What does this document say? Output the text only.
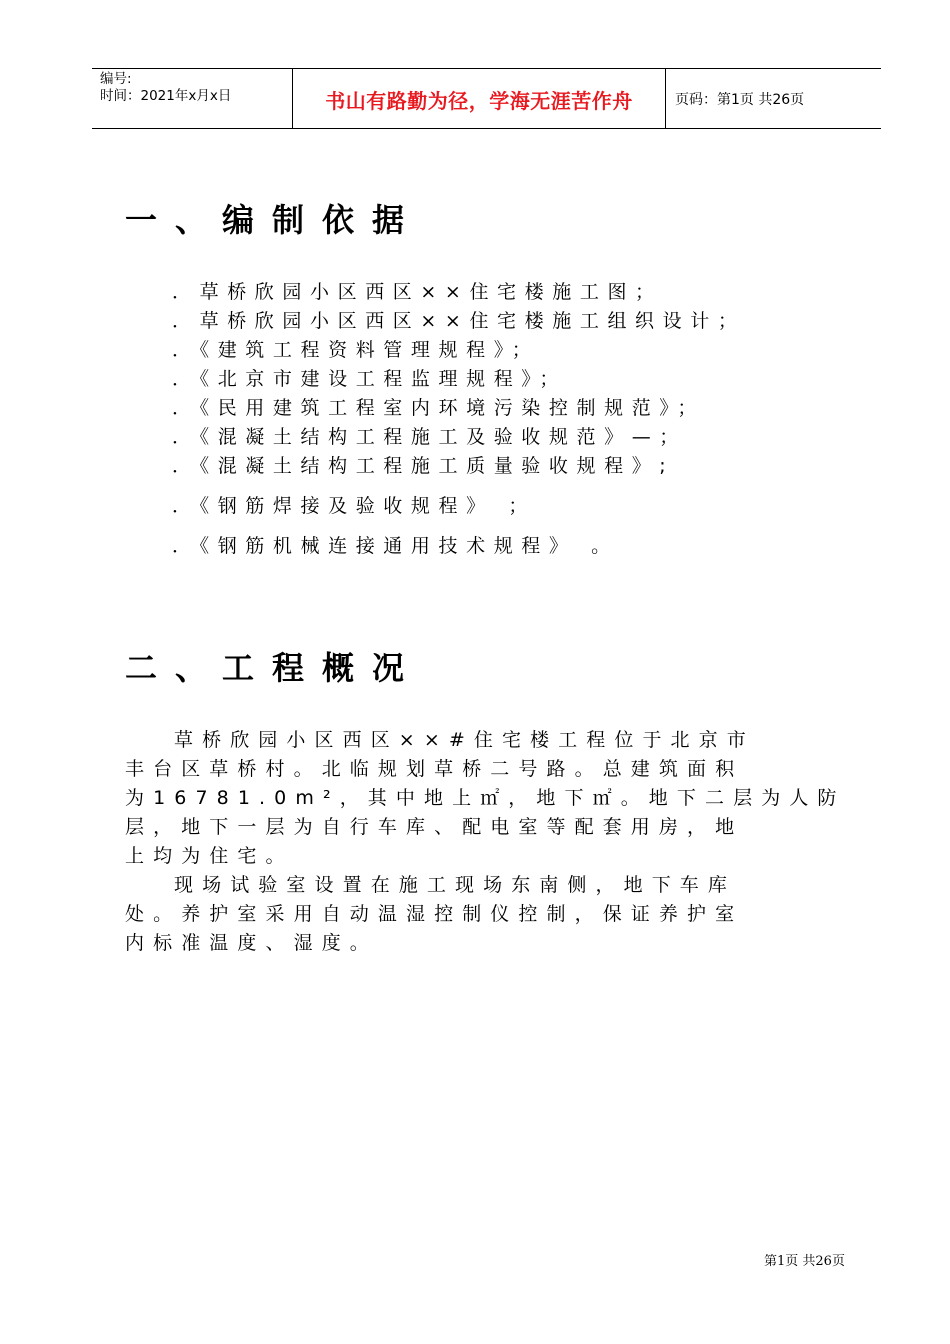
编号:
时间：2021年x月x日	书山有路勤为径，学海无涯苦作舟	页码：第1页 共26页
一、编制依据
．草桥欣园小区西区××住宅楼施工图；
．草桥欣园小区西区××住宅楼施工组织设计；
．《建筑工程资料管理规程》；
．《北京市建设工程监理规程》；
．《民用建筑工程室内环境污染控制规范》；
．《混凝土结构工程施工及验收规范》—；
．《混凝土结构工程施工质量验收规程》;
．《钢筋焊接及验收规程》 ；
．《钢筋机械连接通用技术规程》 。
二、工程概况
草桥欣园小区西区××#住宅楼工程位于北京市
丰台区草桥村。北临规划草桥二号路。总建筑面积
为16781.0m²，其中地上㎡，地下㎡。地下二层为人防
层，地下一层为自行车库、配电室等配套用房，地
上均为住宅。
现场试验室设置在施工现场东南侧，地下车库
处。养护室采用自动温湿控制仪控制，保证养护室
内标准温度、湿度。
第1页 共26页
